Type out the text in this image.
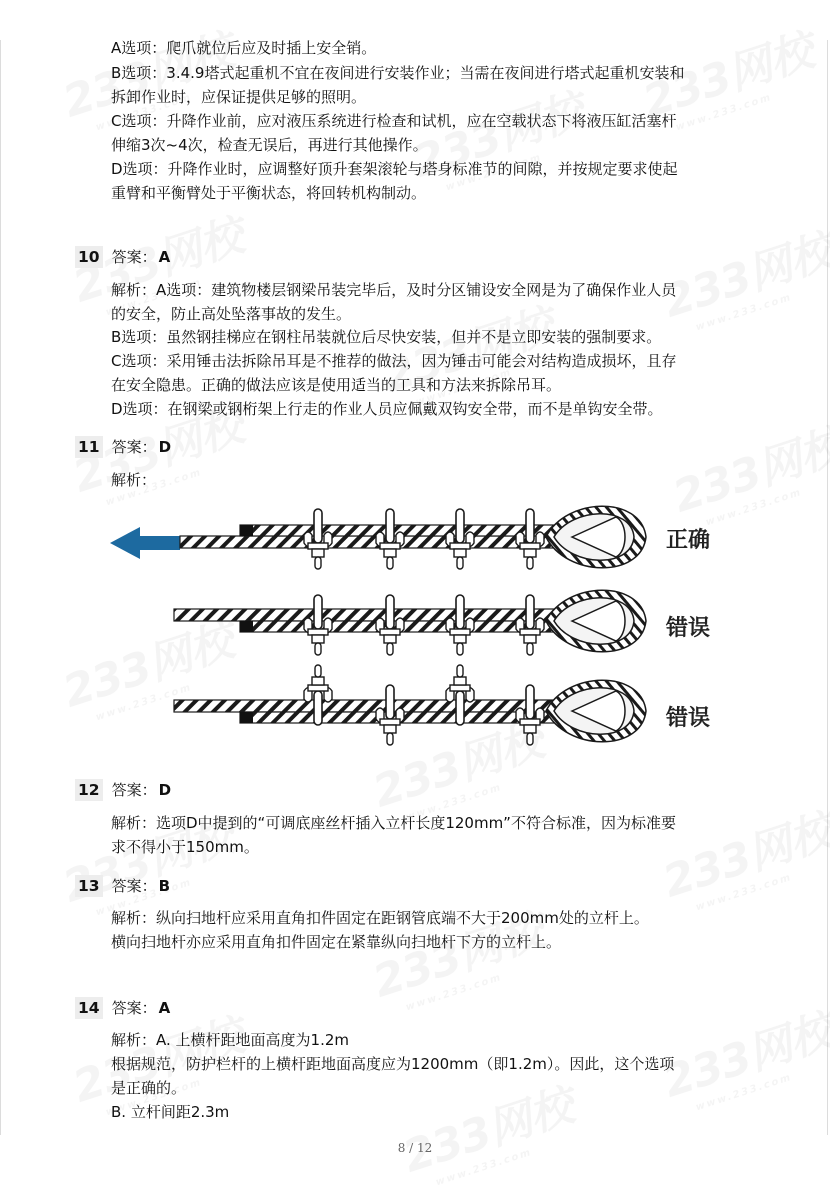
A选项：爬爪就位后应及时插上安全销。
B选项：3.4.9塔式起重机不宜在夜间进行安装作业；当需在夜间进行塔式起重机安装和
拆卸作业时，应保证提供足够的照明。
C选项：升降作业前，应对液压系统进行检查和试机，应在空载状态下将液压缸活塞杆
伸缩3次~4次，检查无误后，再进行其他操作。
D选项：升降作业时，应调整好顶升套架滚轮与塔身标准节的间隙，并按规定要求使起
重臂和平衡臂处于平衡状态，将回转机构制动。
10 答案： A
解析：A选项：建筑物楼层钢梁吊装完毕后，及时分区铺设安全网是为了确保作业人员
的安全，防止高处坠落事故的发生。
B选项：虽然钢挂梯应在钢柱吊装就位后尽快安装，但并不是立即安装的强制要求。
C选项：采用锤击法拆除吊耳是不推荐的做法，因为锤击可能会对结构造成损坏，且存
在安全隐患。正确的做法应该是使用适当的工具和方法来拆除吊耳。
D选项：在钢梁或钢桁架上行走的作业人员应佩戴双钩安全带，而不是单钩安全带。
11 答案： D
解析：
正确
错误
错误
12 答案： D
解析：选项D中提到的“可调底座丝杆插入立杆长度120mm”不符合标准，因为标准要
求不得小于150mm。
13 答案： B
解析：纵向扫地杆应采用直角扣件固定在距钢管底端不大于200mm处的立杆上。
横向扫地杆亦应采用直角扣件固定在紧靠纵向扫地杆下方的立杆上。
14 答案： A
解析：A. 上横杆距地面高度为1.2m
根据规范，防护栏杆的上横杆距地面高度应为1200mm（即1.2m）。因此，这个选项
是正确的。
B. 立杆间距2.3m
8 / 12
